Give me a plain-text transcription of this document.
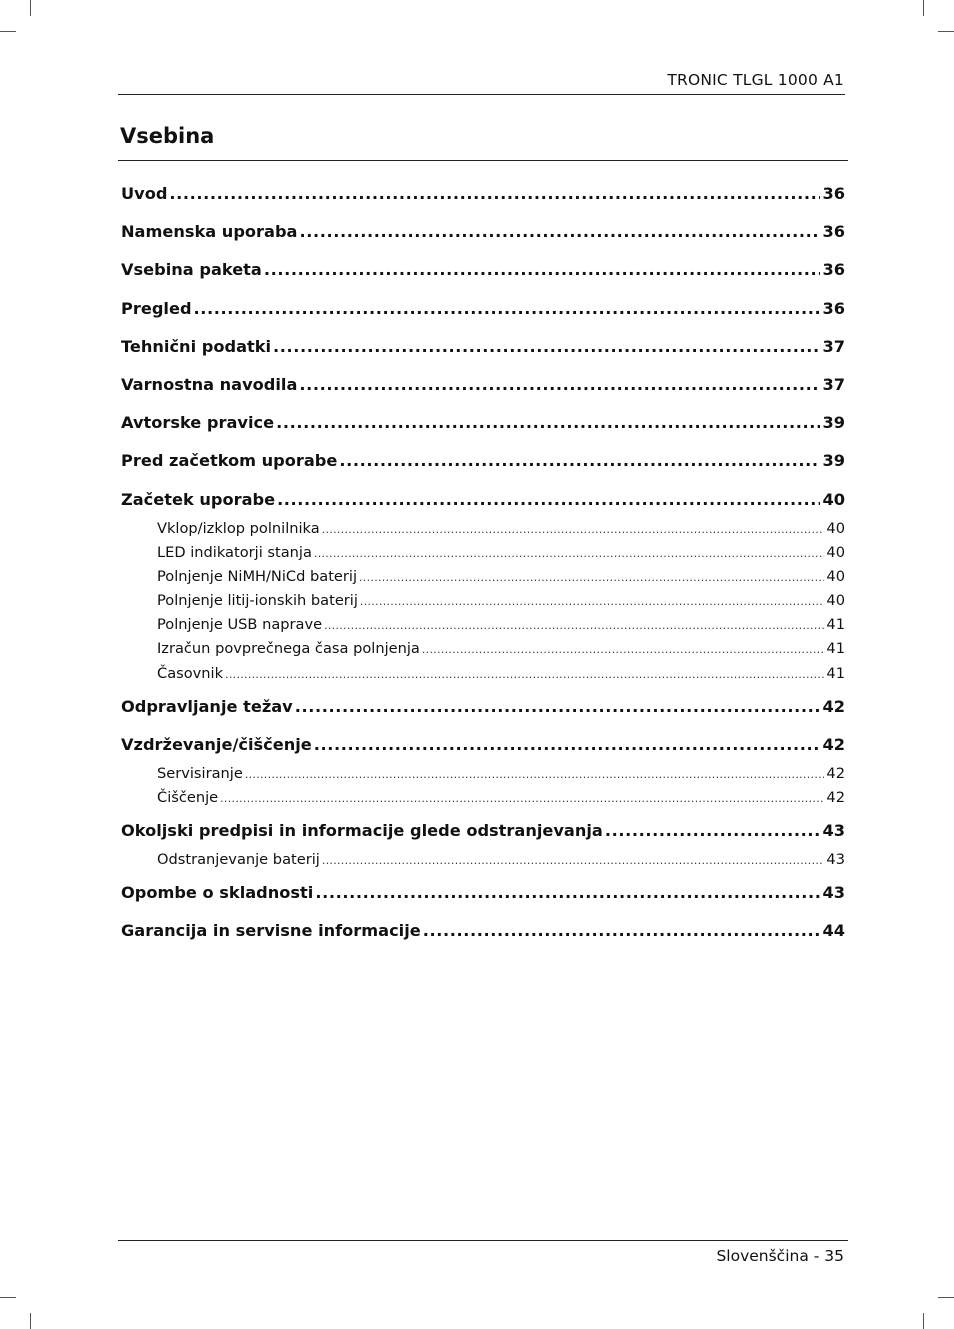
TRONIC TLGL 1000 A1
Vsebina
Uvod .....	36
Namenska uporaba .....	36
Vsebina paketa .....	36
Pregled .....	36
Tehnični podatki .....	37
Varnostna navodila .....	37
Avtorske pravice .....	39
Pred začetkom uporabe .....	39
Začetek uporabe .....	40
Vklop/izklop polnilnika .....	40
LED indikatorji stanja .....	40
Polnjenje NiMH/NiCd baterij .....	40
Polnjenje litij-ionskih baterij .....	40
Polnjenje USB naprave .....	41
Izračun povprečnega časa polnjenja .....	41
Časovnik .....	41
Odpravljanje težav .....	42
Vzdrževanje/čiščenje .....	42
Servisiranje .....	42
Čiščenje .....	42
Okoljski predpisi in informacije glede odstranjevanja .....	43
Odstranjevanje baterij .....	43
Opombe o skladnosti .....	43
Garancija in servisne informacije .....	44
Slovenščina - 35
